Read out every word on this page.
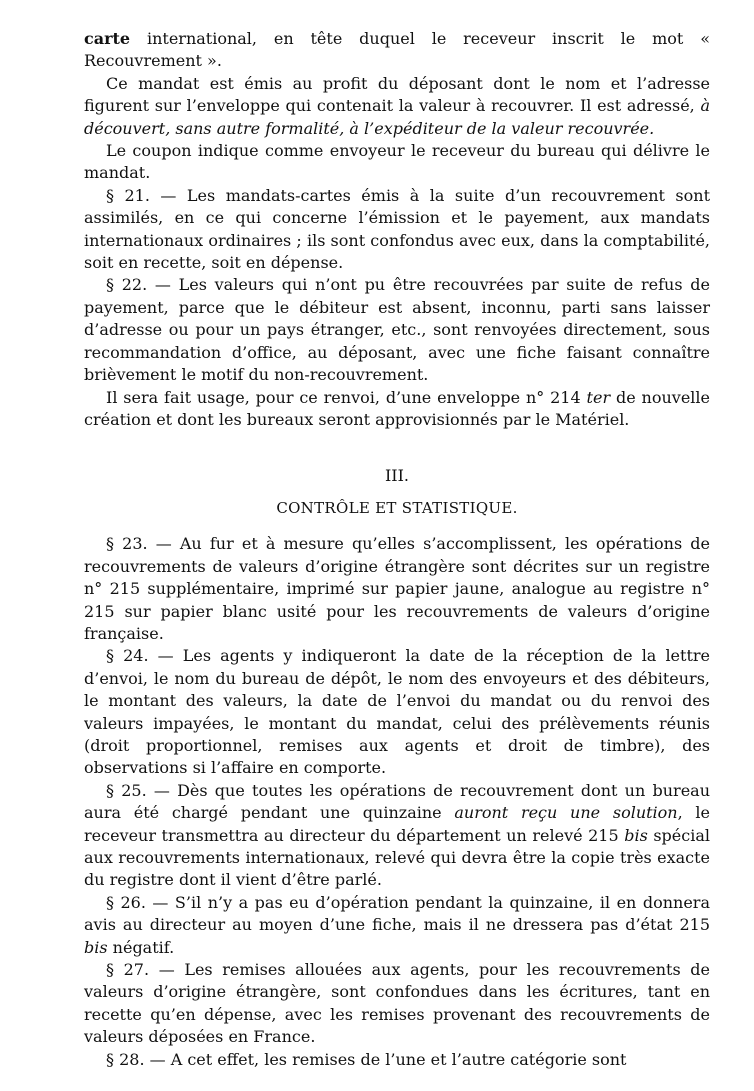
carte international, en tête duquel le receveur inscrit le mot « Recouvrement ».

Ce mandat est émis au profit du déposant dont le nom et l’adresse figurent sur l’enveloppe qui contenait la valeur à recouvrer. Il est adressé, à découvert, sans autre formalité, à l’expéditeur de la valeur recouvrée.

Le coupon indique comme envoyeur le receveur du bureau qui délivre le mandat.

§ 21. — Les mandats-cartes émis à la suite d’un recouvrement sont assimilés, en ce qui concerne l’émission et le payement, aux mandats internationaux ordinaires ; ils sont confondus avec eux, dans la comptabilité, soit en recette, soit en dépense.

§ 22. — Les valeurs qui n’ont pu être recouvrées par suite de refus de payement, parce que le débiteur est absent, inconnu, parti sans laisser d’adresse ou pour un pays étranger, etc., sont renvoyées directement, sous recommandation d’office, au déposant, avec une fiche faisant connaître brièvement le motif du non-recouvrement.

Il sera fait usage, pour ce renvoi, d’une enveloppe n° 214 ter de nouvelle création et dont les bureaux seront approvisionnés par le Matériel.

III.
CONTRÔLE ET STATISTIQUE.

§ 23. — Au fur et à mesure qu’elles s’accomplissent, les opérations de recouvrements de valeurs d’origine étrangère sont décrites sur un registre n° 215 supplémentaire, imprimé sur papier jaune, analogue au registre n° 215 sur papier blanc usité pour les recouvrements de valeurs d’origine française.

§ 24. — Les agents y indiqueront la date de la réception de la lettre d’envoi, le nom du bureau de dépôt, le nom des envoyeurs et des débiteurs, le montant des valeurs, la date de l’envoi du mandat ou du renvoi des valeurs impayées, le montant du mandat, celui des prélèvements réunis (droit proportionnel, remises aux agents et droit de timbre), des observations si l’affaire en comporte.

§ 25. — Dès que toutes les opérations de recouvrement dont un bureau aura été chargé pendant une quinzaine auront reçu une solution, le receveur transmettra au directeur du département un relevé 215 bis spécial aux recouvrements internationaux, relevé qui devra être la copie très exacte du registre dont il vient d’être parlé.

§ 26. — S’il n’y a pas eu d’opération pendant la quinzaine, il en donnera avis au directeur au moyen d’une fiche, mais il ne dressera pas d’état 215 bis négatif.

§ 27. — Les remises allouées aux agents, pour les recouvrements de valeurs d’origine étrangère, sont confondues dans les écritures, tant en recette qu’en dépense, avec les remises provenant des recouvrements de valeurs déposées en France.

§ 28. — A cet effet, les remises de l’une et l’autre catégorie sont
